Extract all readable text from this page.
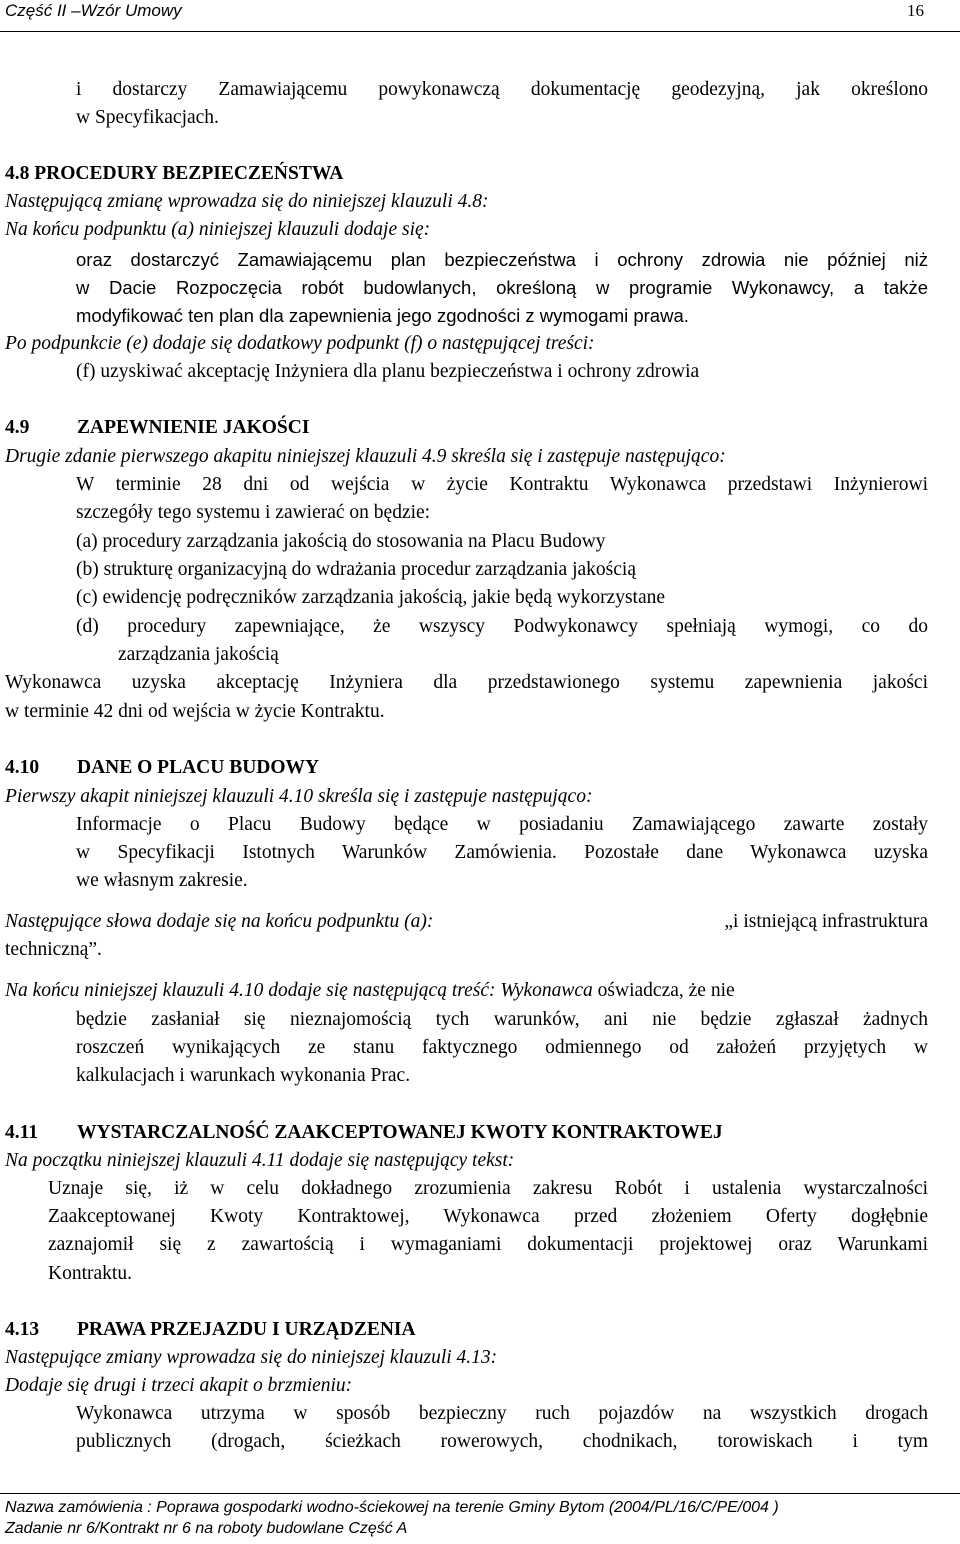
Część II –Wzór Umowy	16
i dostarczy Zamawiającemu powykonawczą dokumentację geodezyjną, jak określono
w Specyfikacjach.
4.8 PROCEDURY BEZPIECZEŃSTWA
Następującą zmianę wprowadza się do niniejszej klauzuli 4.8:
Na końcu podpunktu (a) niniejszej klauzuli dodaje się:
oraz dostarczyć Zamawiającemu plan bezpieczeństwa i ochrony zdrowia nie później niż
w Dacie Rozpoczęcia robót budowlanych, określoną w programie Wykonawcy, a także
modyfikować ten plan dla zapewnienia jego zgodności z wymogami prawa.
Po podpunkcie (e) dodaje się dodatkowy podpunkt (f) o następującej treści:
(f) uzyskiwać akceptację Inżyniera dla planu bezpieczeństwa i ochrony zdrowia
4.9 ZAPEWNIENIE JAKOŚCI
Drugie zdanie pierwszego akapitu niniejszej klauzuli 4.9 skreśla się i zastępuje następująco:
W terminie 28 dni od wejścia w życie Kontraktu Wykonawca przedstawi Inżynierowi
szczegóły tego systemu i zawierać on będzie:
(a) procedury zarządzania jakością do stosowania na Placu Budowy
(b) strukturę organizacyjną do wdrażania procedur zarządzania jakością
(c) ewidencję podręczników zarządzania jakością, jakie będą wykorzystane
(d) procedury zapewniające, że wszyscy Podwykonawcy spełniają wymogi, co do
zarządzania jakością
Wykonawca uzyska akceptację Inżyniera dla przedstawionego systemu zapewnienia jakości
w terminie 42 dni od wejścia w życie Kontraktu.
4.10 DANE O PLACU BUDOWY
Pierwszy akapit niniejszej klauzuli 4.10 skreśla się i zastępuje następująco:
Informacje o Placu Budowy będące w posiadaniu Zamawiającego zawarte zostały
w Specyfikacji Istotnych Warunków Zamówienia. Pozostałe dane Wykonawca uzyska
we własnym zakresie.
Następujące słowa dodaje się na końcu podpunktu (a):	„i istniejącą infrastruktura
techniczną”.
Na końcu niniejszej klauzuli 4.10 dodaje się następującą treść: Wykonawca oświadcza, że nie
będzie zasłaniał się nieznajomością tych warunków, ani nie będzie zgłaszał żadnych
roszczeń wynikających ze stanu faktycznego odmiennego od założeń przyjętych w
kalkulacjach i warunkach wykonania Prac.
4.11 WYSTARCZALNOŚĆ ZAAKCEPTOWANEJ KWOTY KONTRAKTOWEJ
Na początku niniejszej klauzuli 4.11 dodaje się następujący tekst:
Uznaje się, iż w celu dokładnego zrozumienia zakresu Robót i ustalenia wystarczalności
Zaakceptowanej Kwoty Kontraktowej, Wykonawca przed złożeniem Oferty dogłębnie
zaznajomił się z zawartością i wymaganiami dokumentacji projektowej oraz Warunkami
Kontraktu.
4.13 PRAWA PRZEJAZDU I URZĄDZENIA
Następujące zmiany wprowadza się do niniejszej klauzuli 4.13:
Dodaje się drugi i trzeci akapit o brzmieniu:
Wykonawca utrzyma w sposób bezpieczny ruch pojazdów na wszystkich drogach
publicznych (drogach, ścieżkach rowerowych, chodnikach, torowiskach i tym
Nazwa zamówienia : Poprawa gospodarki wodno-ściekowej na terenie Gminy Bytom (2004/PL/16/C/PE/004 )
Zadanie nr 6/Kontrakt nr 6 na roboty budowlane Część A
